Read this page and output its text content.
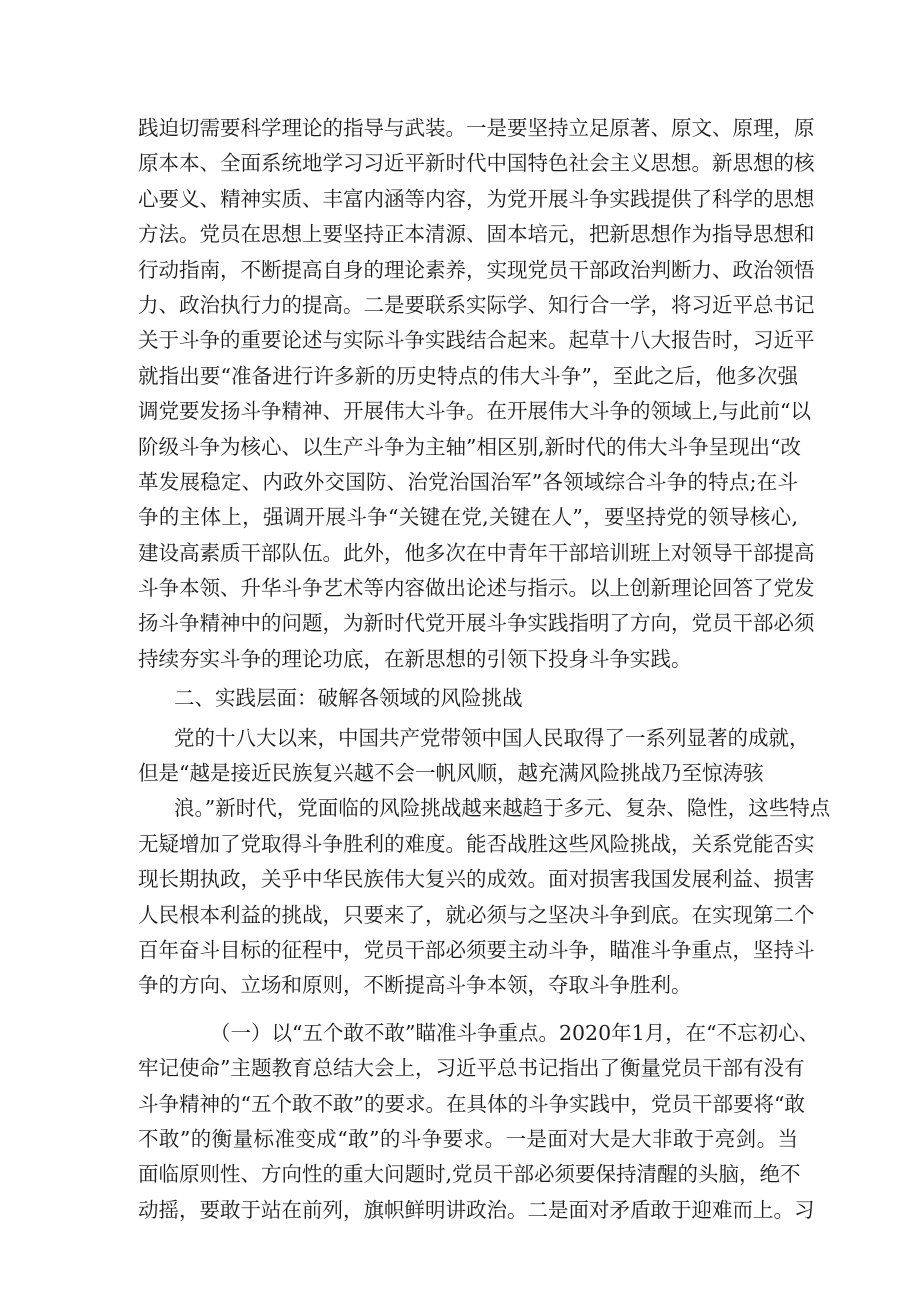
践迫切需要科学理论的指导与武装。一是要坚持立足原著、原文、原理，原
原本本、全面系统地学习习近平新时代中国特色社会主义思想。新思想的核
心要义、精神实质、丰富内涵等内容，为党开展斗争实践提供了科学的思想
方法。党员在思想上要坚持正本清源、固本培元，把新思想作为指导思想和
行动指南，不断提高自身的理论素养，实现党员干部政治判断力、政治领悟
力、政治执行力的提高。二是要联系实际学、知行合一学，将习近平总书记
关于斗争的重要论述与实际斗争实践结合起来。起草十八大报告时，习近平
就指出要“准备进行许多新的历史特点的伟大斗争”，至此之后，他多次强
调党要发扬斗争精神、开展伟大斗争。在开展伟大斗争的领域上,与此前“以
阶级斗争为核心、以生产斗争为主轴”相区别,新时代的伟大斗争呈现出“改
革发展稳定、内政外交国防、治党治国治军”各领域综合斗争的特点;在斗
争的主体上，强调开展斗争“关键在党,关键在人”，要坚持党的领导核心,
建设高素质干部队伍。此外，他多次在中青年干部培训班上对领导干部提高
斗争本领、升华斗争艺术等内容做出论述与指示。以上创新理论回答了党发
扬斗争精神中的问题，为新时代党开展斗争实践指明了方向，党员干部必须
持续夯实斗争的理论功底，在新思想的引领下投身斗争实践。
二、实践层面：破解各领域的风险挑战
党的十八大以来，中国共产党带领中国人民取得了一系列显著的成就，
但是“越是接近民族复兴越不会一帆风顺，越充满风险挑战乃至惊涛骇
浪。”新时代，党面临的风险挑战越来越趋于多元、复杂、隐性，这些特点
无疑增加了党取得斗争胜利的难度。能否战胜这些风险挑战，关系党能否实
现长期执政，关乎中华民族伟大复兴的成效。面对损害我国发展利益、损害
人民根本利益的挑战，只要来了，就必须与之坚决斗争到底。在实现第二个
百年奋斗目标的征程中，党员干部必须要主动斗争，瞄准斗争重点，坚持斗
争的方向、立场和原则，不断提高斗争本领，夺取斗争胜利。
（一）以“五个敢不敢”瞄准斗争重点。2020年1月，在“不忘初心、
牢记使命”主题教育总结大会上，习近平总书记指出了衡量党员干部有没有
斗争精神的“五个敢不敢”的要求。在具体的斗争实践中，党员干部要将“敢
不敢”的衡量标准变成“敢”的斗争要求。一是面对大是大非敢于亮剑。当
面临原则性、方向性的重大问题时,党员干部必须要保持清醒的头脑，绝不
动摇，要敢于站在前列，旗帜鲜明讲政治。二是面对矛盾敢于迎难而上。习
